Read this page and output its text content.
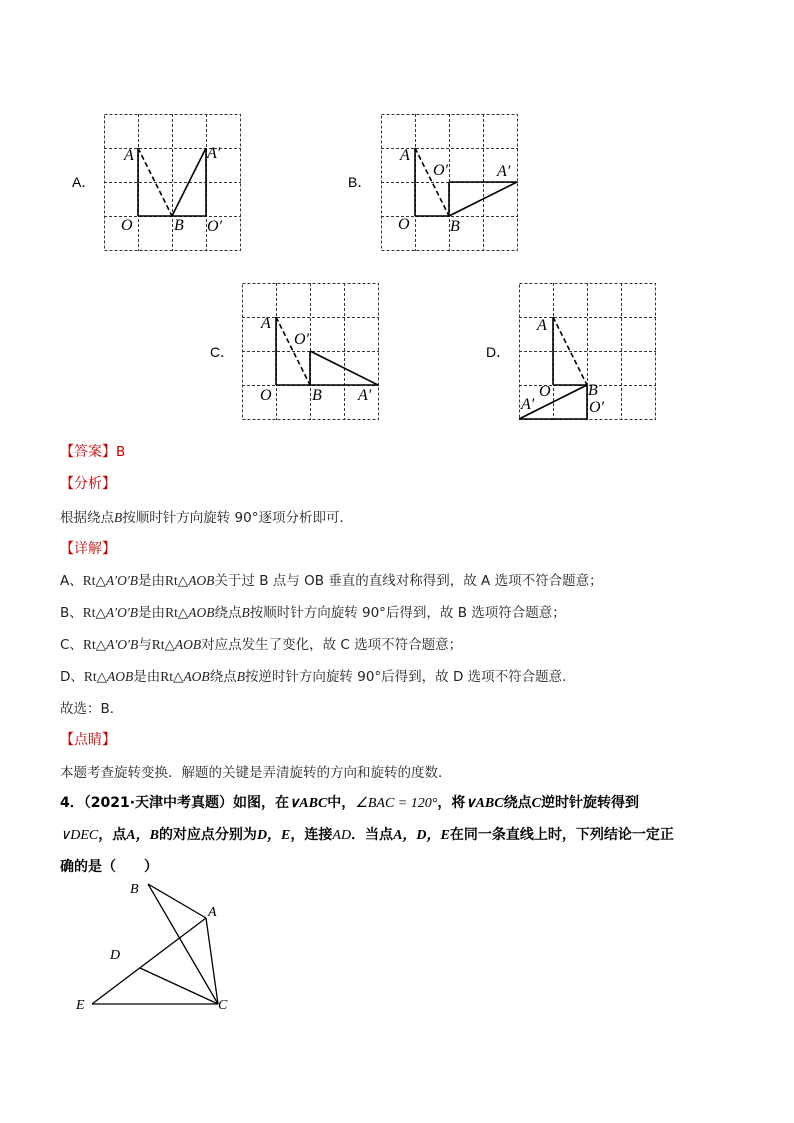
A．	B．
C．	D．
A	A′
O	B O′
A
O′	A′
O	B
A
O′
O	B A′
A
O B
A′	O′
【答案】B
【分析】
根据绕点B按顺时针方向旋转 90°逐项分析即可．
【详解】
A、Rt△A′O′B是由Rt△AOB关于过 B 点与 OB 垂直的直线对称得到，故 A 选项不符合题意；
B、Rt△A′O′B是由Rt△AOB绕点B按顺时针方向旋转 90°后得到，故 B 选项符合题意；
C、Rt△A′O′B与Rt△AOB对应点发生了变化，故 C 选项不符合题意；
D、Rt△AOB是由Rt△AOB绕点B按逆时针方向旋转 90°后得到，故 D 选项不符合题意．
故选：B．
【点睛】
本题考查旋转变换．解题的关键是弄清旋转的方向和旋转的度数．
4．（2021·天津中考真题）如图，在∨ABC中，∠BAC = 120°，将∨ABC绕点C逆时针旋转得到
∨DEC，点A，B的对应点分别为D，E，连接AD．当点A，D，E在同一条直线上时，下列结论一定正
确的是（　　）
B
A
D
E	C
